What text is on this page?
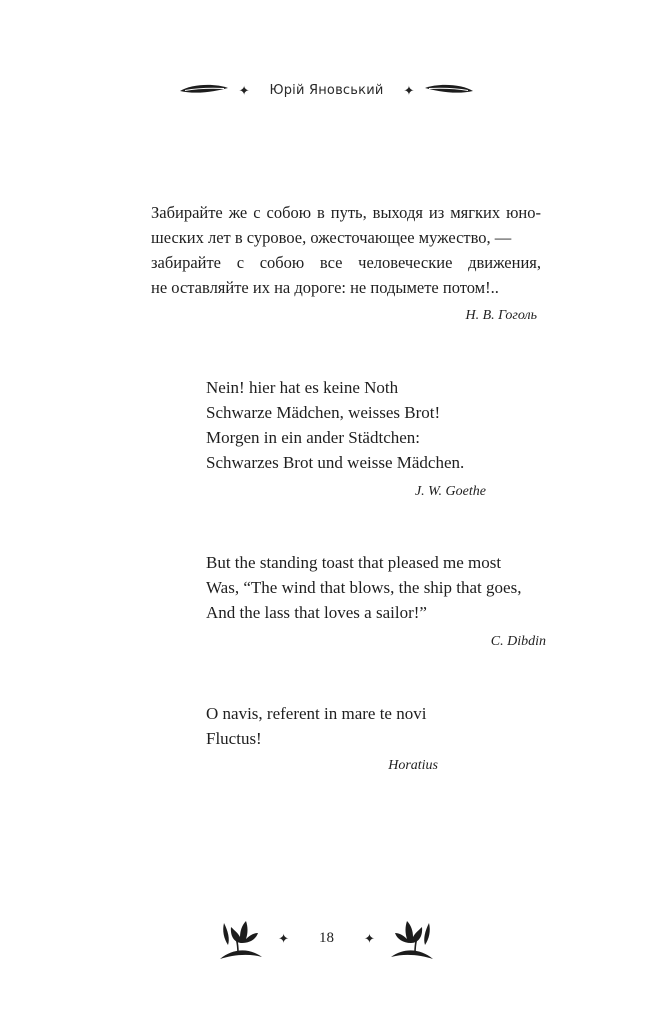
✦	Юрій Яновський	✦

Забирайте же с собою в путь, выходя из мягких юно-

шеских лет в суровое, ожесточающее мужество, —

забирайте с собою все человеческие движения,

не оставляйте их на дороге: не подымете потом!..

Н. В. Гоголь
Nein! hier hat es keine Noth
Schwarze Mädchen, weisses Brot!
Morgen in ein ander Städtchen:
Schwarzes Brot und weisse Mädchen.
J. W. Goethe
But the standing toast that pleased me most
Was, “The wind that blows, the ship that goes,
And the lass that loves a sailor!”
C. Dibdin
O navis, referent in mare te novi
Fluctus!
Horatius
✦	18	✦
